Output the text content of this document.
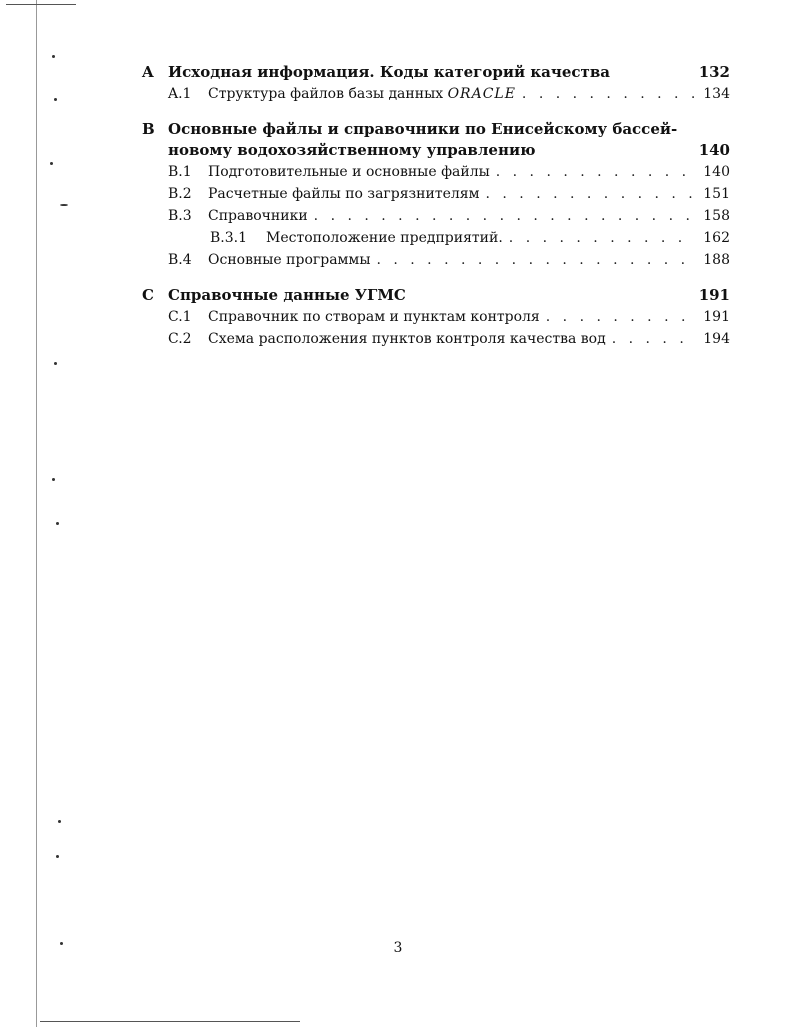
A Исходная информация. Коды категорий качества	132
A.1	Структура файлов базы данных ORACLE . . .	134
B Основные файлы и справочники по Енисейскому бассей-
новому водохозяйственному управлению	140
B.1	Подготовительные и основные файлы . . .	140
B.2	Расчетные файлы по загрязнителям . . .	151
B.3	Справочники . . .	158
B.3.1	Местоположение предприятий. . . .	162
B.4	Основные программы . . .	188
C Справочные данные УГМС	191
C.1	Справочник по створам и пунктам контроля . . .	191
C.2	Схема расположения пунктов контроля качества вод . . .	194
3
